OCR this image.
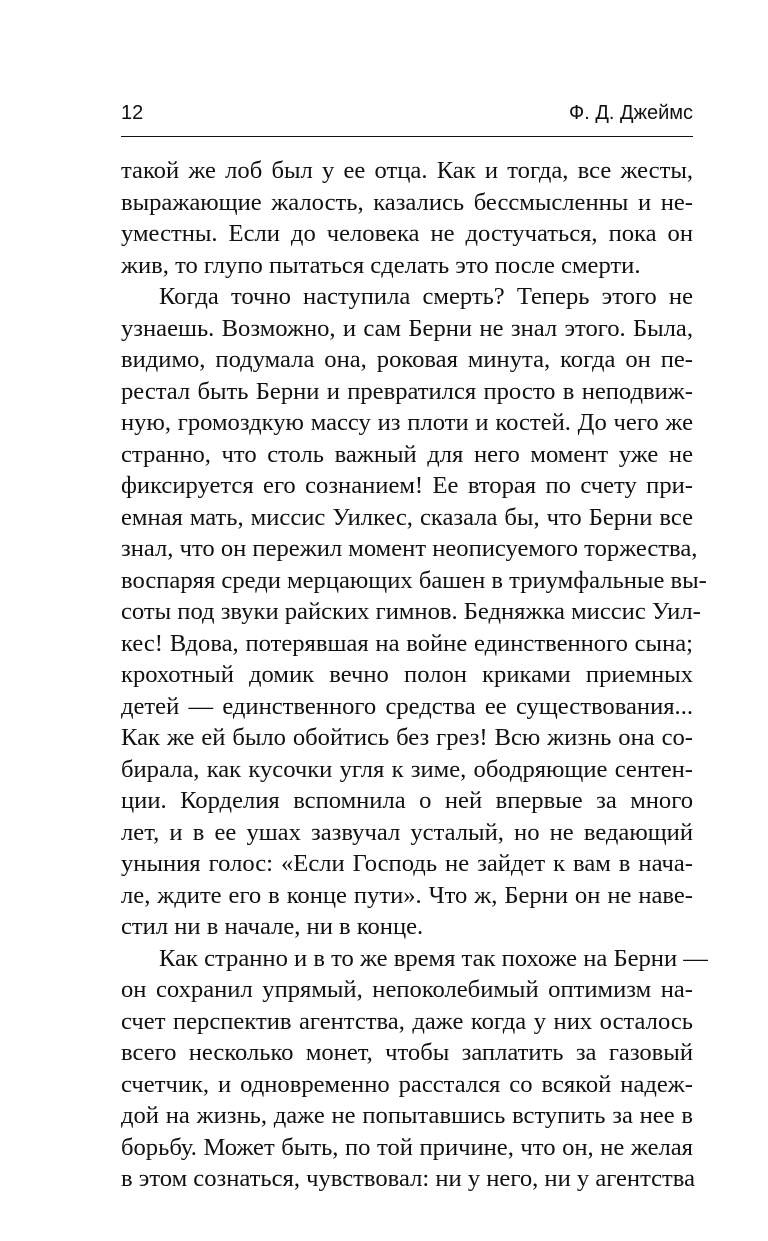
12	Ф. Д. Джеймс
такой же лоб был у ее отца. Как и тогда, все жесты,
выражающие жалость, казались бессмысленны и не-
уместны. Если до человека не достучаться, пока он
жив, то глупо пытаться сделать это после смерти.
Когда точно наступила смерть? Теперь этого не
узнаешь. Возможно, и сам Берни не знал этого. Была,
видимо, подумала она, роковая минута, когда он пе-
рестал быть Берни и превратился просто в неподвиж-
ную, громоздкую массу из плоти и костей. До чего же
странно, что столь важный для него момент уже не
фиксируется его сознанием! Ее вторая по счету при-
емная мать, миссис Уилкес, сказала бы, что Берни все
знал, что он пережил момент неописуемого торжества,
воспаряя среди мерцающих башен в триумфальные вы-
соты под звуки райских гимнов. Бедняжка миссис Уил-
кес! Вдова, потерявшая на войне единственного сына;
крохотный домик вечно полон криками приемных
детей — единственного средства ее существования...
Как же ей было обойтись без грез! Всю жизнь она со-
бирала, как кусочки угля к зиме, ободряющие сентен-
ции. Корделия вспомнила о ней впервые за много
лет, и в ее ушах зазвучал усталый, но не ведающий
уныния голос: «Если Господь не зайдет к вам в нача-
ле, ждите его в конце пути». Что ж, Берни он не наве-
стил ни в начале, ни в конце.
Как странно и в то же время так похоже на Берни —
он сохранил упрямый, непоколебимый оптимизм на-
счет перспектив агентства, даже когда у них осталось
всего несколько монет, чтобы заплатить за газовый
счетчик, и одновременно расстался со всякой надеж-
дой на жизнь, даже не попытавшись вступить за нее в
борьбу. Может быть, по той причине, что он, не желая
в этом сознаться, чувствовал: ни у него, ни у агентства
